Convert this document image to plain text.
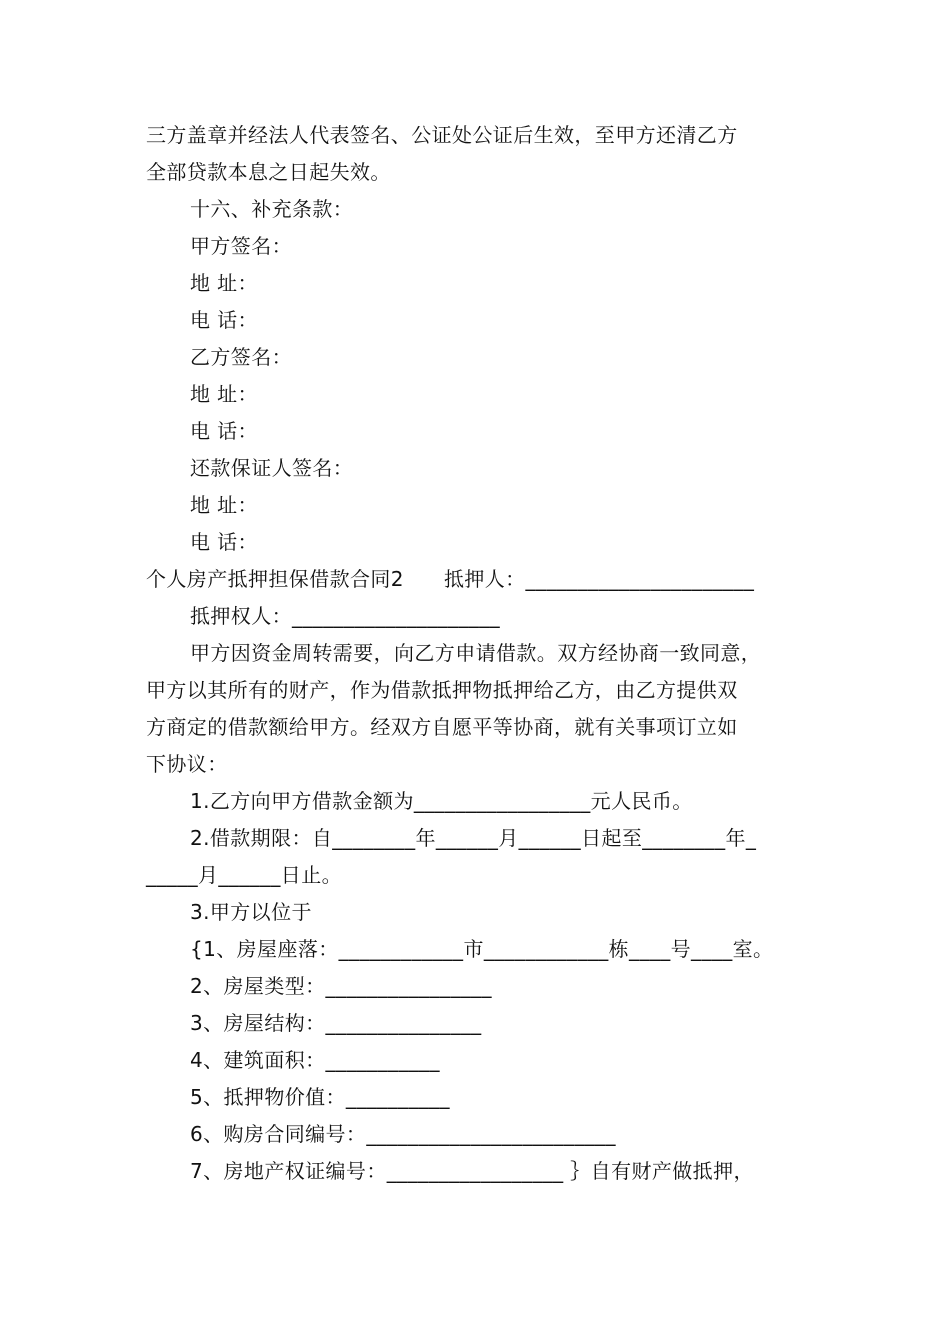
三方盖章并经法人代表签名、公证处公证后生效，至甲方还清乙方
全部贷款本息之日起失效。
十六、补充条款：
甲方签名：
地 址：
电 话：
乙方签名：
地 址：
电 话：
还款保证人签名：
地 址：
电 话：
个人房产抵押担保借款合同2 抵押人：______________________
抵押权人：____________________
甲方因资金周转需要，向乙方申请借款。双方经协商一致同意，
甲方以其所有的财产，作为借款抵押物抵押给乙方，由乙方提供双
方商定的借款额给甲方。经双方自愿平等协商，就有关事项订立如
下协议：
1.乙方向甲方借款金额为_________________元人民币。
2.借款期限：自________年______月______日起至________年_
_____月______日止。
3.甲方以位于
{1、房屋座落：____________市____________栋____号____室。
2、房屋类型：________________
3、房屋结构：_______________
4、建筑面积：___________
5、抵押物价值：__________
6、购房合同编号：________________________
7、房地产权证编号：_________________ ｝自有财产做抵押，
